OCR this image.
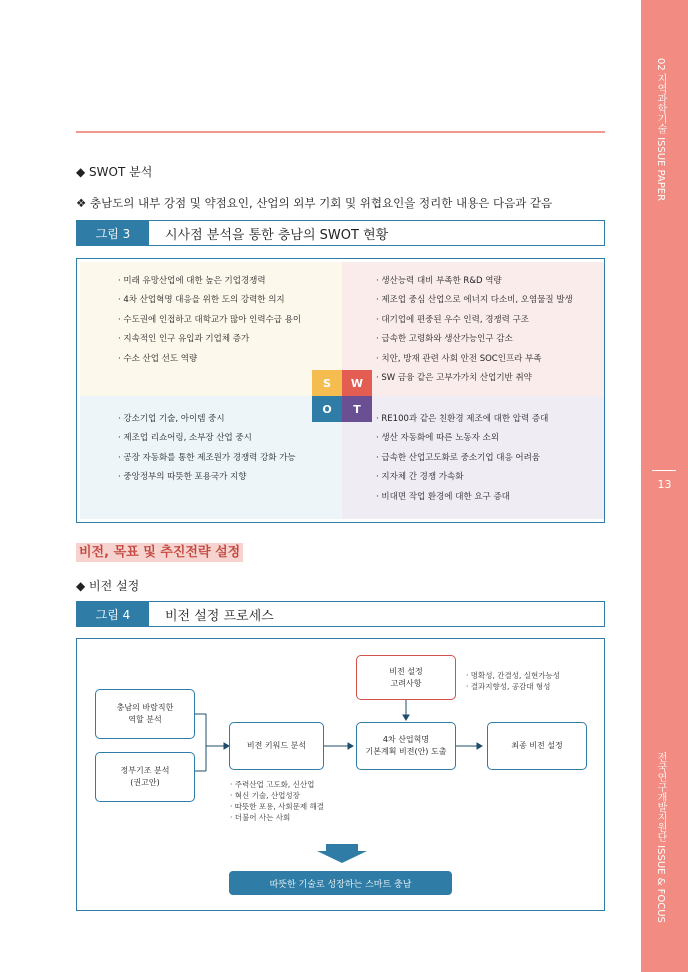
02 지역과학기술 ISSUE PAPER
13
전국연구개발지원단 ISSUE & FOCUS
◆ SWOT 분석
❖ 충남도의 내부 강점 및 약점요인, 산업의 외부 기회 및 위협요인을 정리한 내용은 다음과 같음
그림 3	시사점 분석을 통한 충남의 SWOT 현황
· 미래 유망산업에 대한 높은 기업경쟁력
· 4차 산업혁명 대응을 위한 도의 강력한 의지
· 수도권에 인접하고 대학교가 많아 인력수급 용이
· 지속적인 인구 유입과 기업체 증가
· 수소 산업 선도 역량
· 생산능력 대비 부족한 R&D 역량
· 제조업 중심 산업으로 에너지 다소비, 오염물질 발생
· 대기업에 편중된 우수 인력, 경쟁력 구조
· 급속한 고령화와 생산가능인구 감소
· 치안, 방재 관련 사회 안전 SOC인프라 부족
· SW 금융 같은 고부가가치 산업기반 취약
· 강소기업 기술, 아이템 중시
· 제조업 리쇼어링, 소부장 산업 중시
· 공장 자동화를 통한 제조원가 경쟁력 강화 가능
· 중앙정부의 따뜻한 포용국가 지향
· RE100과 같은 친환경 제조에 대한 압력 증대
· 생산 자동화에 따른 노동자 소외
· 급속한 산업고도화로 중소기업 대응 어려움
· 지자체 간 경쟁 가속화
· 비대면 작업 환경에 대한 요구 증대
S	W
O	T
비전, 목표 및 추진전략 설정
◆ 비전 설정
그림 4	비전 설정 프로세스
충남의 바람직한
역할 분석
정부기조 분석
(권고안)
비전 키워드 분석
비전 설정
고려사항
4차 산업혁명
기본계획 비전(안) 도출
최종 비전 설정
· 명확성, 간결성, 실현가능성
· 결과지향성, 공감대 형성
· 주력산업 고도화, 신산업
· 혁신 기술, 산업성장
· 따뜻한 포용, 사회문제 해결
· 더불어 사는 사회
따뜻한 기술로 성장하는 스마트 충남
